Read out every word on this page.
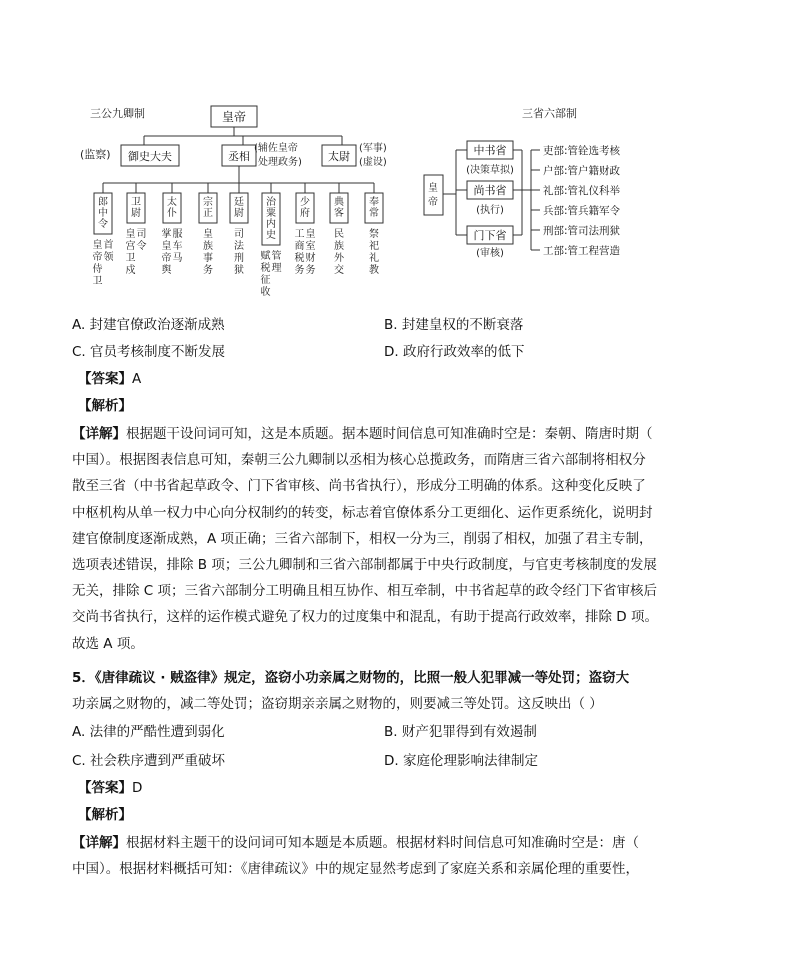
三公九卿制	皇帝
(监察) 御史大夫	丞相
(辅佐皇帝
处理政务) 太尉
(军事)
(虚设)
郎
中
令
皇
帝
侍
卫
首
领
卫
尉
皇
宫
卫
戍
司
令
太
仆
掌
皇
帝
舆
服
车
马
宗
正
皇
族
事
务
廷
尉
司
法
刑
狱
治
粟
内
史
赋
税
征
收
管
理
少
府
工
商
税
务
皇
室
财
务
典
客
民
族
外
交
奉
常
祭
祀
礼
教
三省六部制
皇
帝
中书省
(决策草拟)
尚书省
(执行)
门下省
(审核)
吏部:管铨选考核
户部:管户籍财政
礼部:管礼仪科举
兵部:管兵籍军令
刑部:管司法刑狱
工部:管工程营造
A. 封建官僚政治逐渐成熟	B. 封建皇权的不断衰落
C. 官员考核制度不断发展	D. 政府行政效率的低下
【答案】A
【解析】
【详解】根据题干设问词可知，这是本质题。据本题时间信息可知准确时空是：秦朝、隋唐时期（
中国）。根据图表信息可知，秦朝三公九卿制以丞相为核心总揽政务，而隋唐三省六部制将相权分
散至三省（中书省起草政令、门下省审核、尚书省执行），形成分工明确的体系。这种变化反映了
中枢机构从单一权力中心向分权制约的转变，标志着官僚体系分工更细化、运作更系统化，说明封
建官僚制度逐渐成熟，A 项正确；三省六部制下，相权一分为三，削弱了相权，加强了君主专制，
选项表述错误，排除 B 项；三公九卿制和三省六部制都属于中央行政制度，与官吏考核制度的发展
无关，排除 C 项；三省六部制分工明确且相互协作、相互牵制，中书省起草的政令经门下省审核后
交尚书省执行，这样的运作模式避免了权力的过度集中和混乱，有助于提高行政效率，排除 D 项。
故选 A 项。
5．《唐律疏议 · 贼盗律》规定，盗窃小功亲属之财物的，比照一般人犯罪减一等处罚；盗窃大
功亲属之财物的，减二等处罚；盗窃期亲亲属之财物的，则要减三等处罚。这反映出（ ）
A. 法律的严酷性遭到弱化	B. 财产犯罪得到有效遏制
C. 社会秩序遭到严重破坏	D. 家庭伦理影响法律制定
【答案】D
【解析】
【详解】根据材料主题干的设问词可知本题是本质题。根据材料时间信息可知准确时空是：唐（
中国）。根据材料概括可知：《唐律疏议》中的规定显然考虑到了家庭关系和亲属伦理的重要性，
